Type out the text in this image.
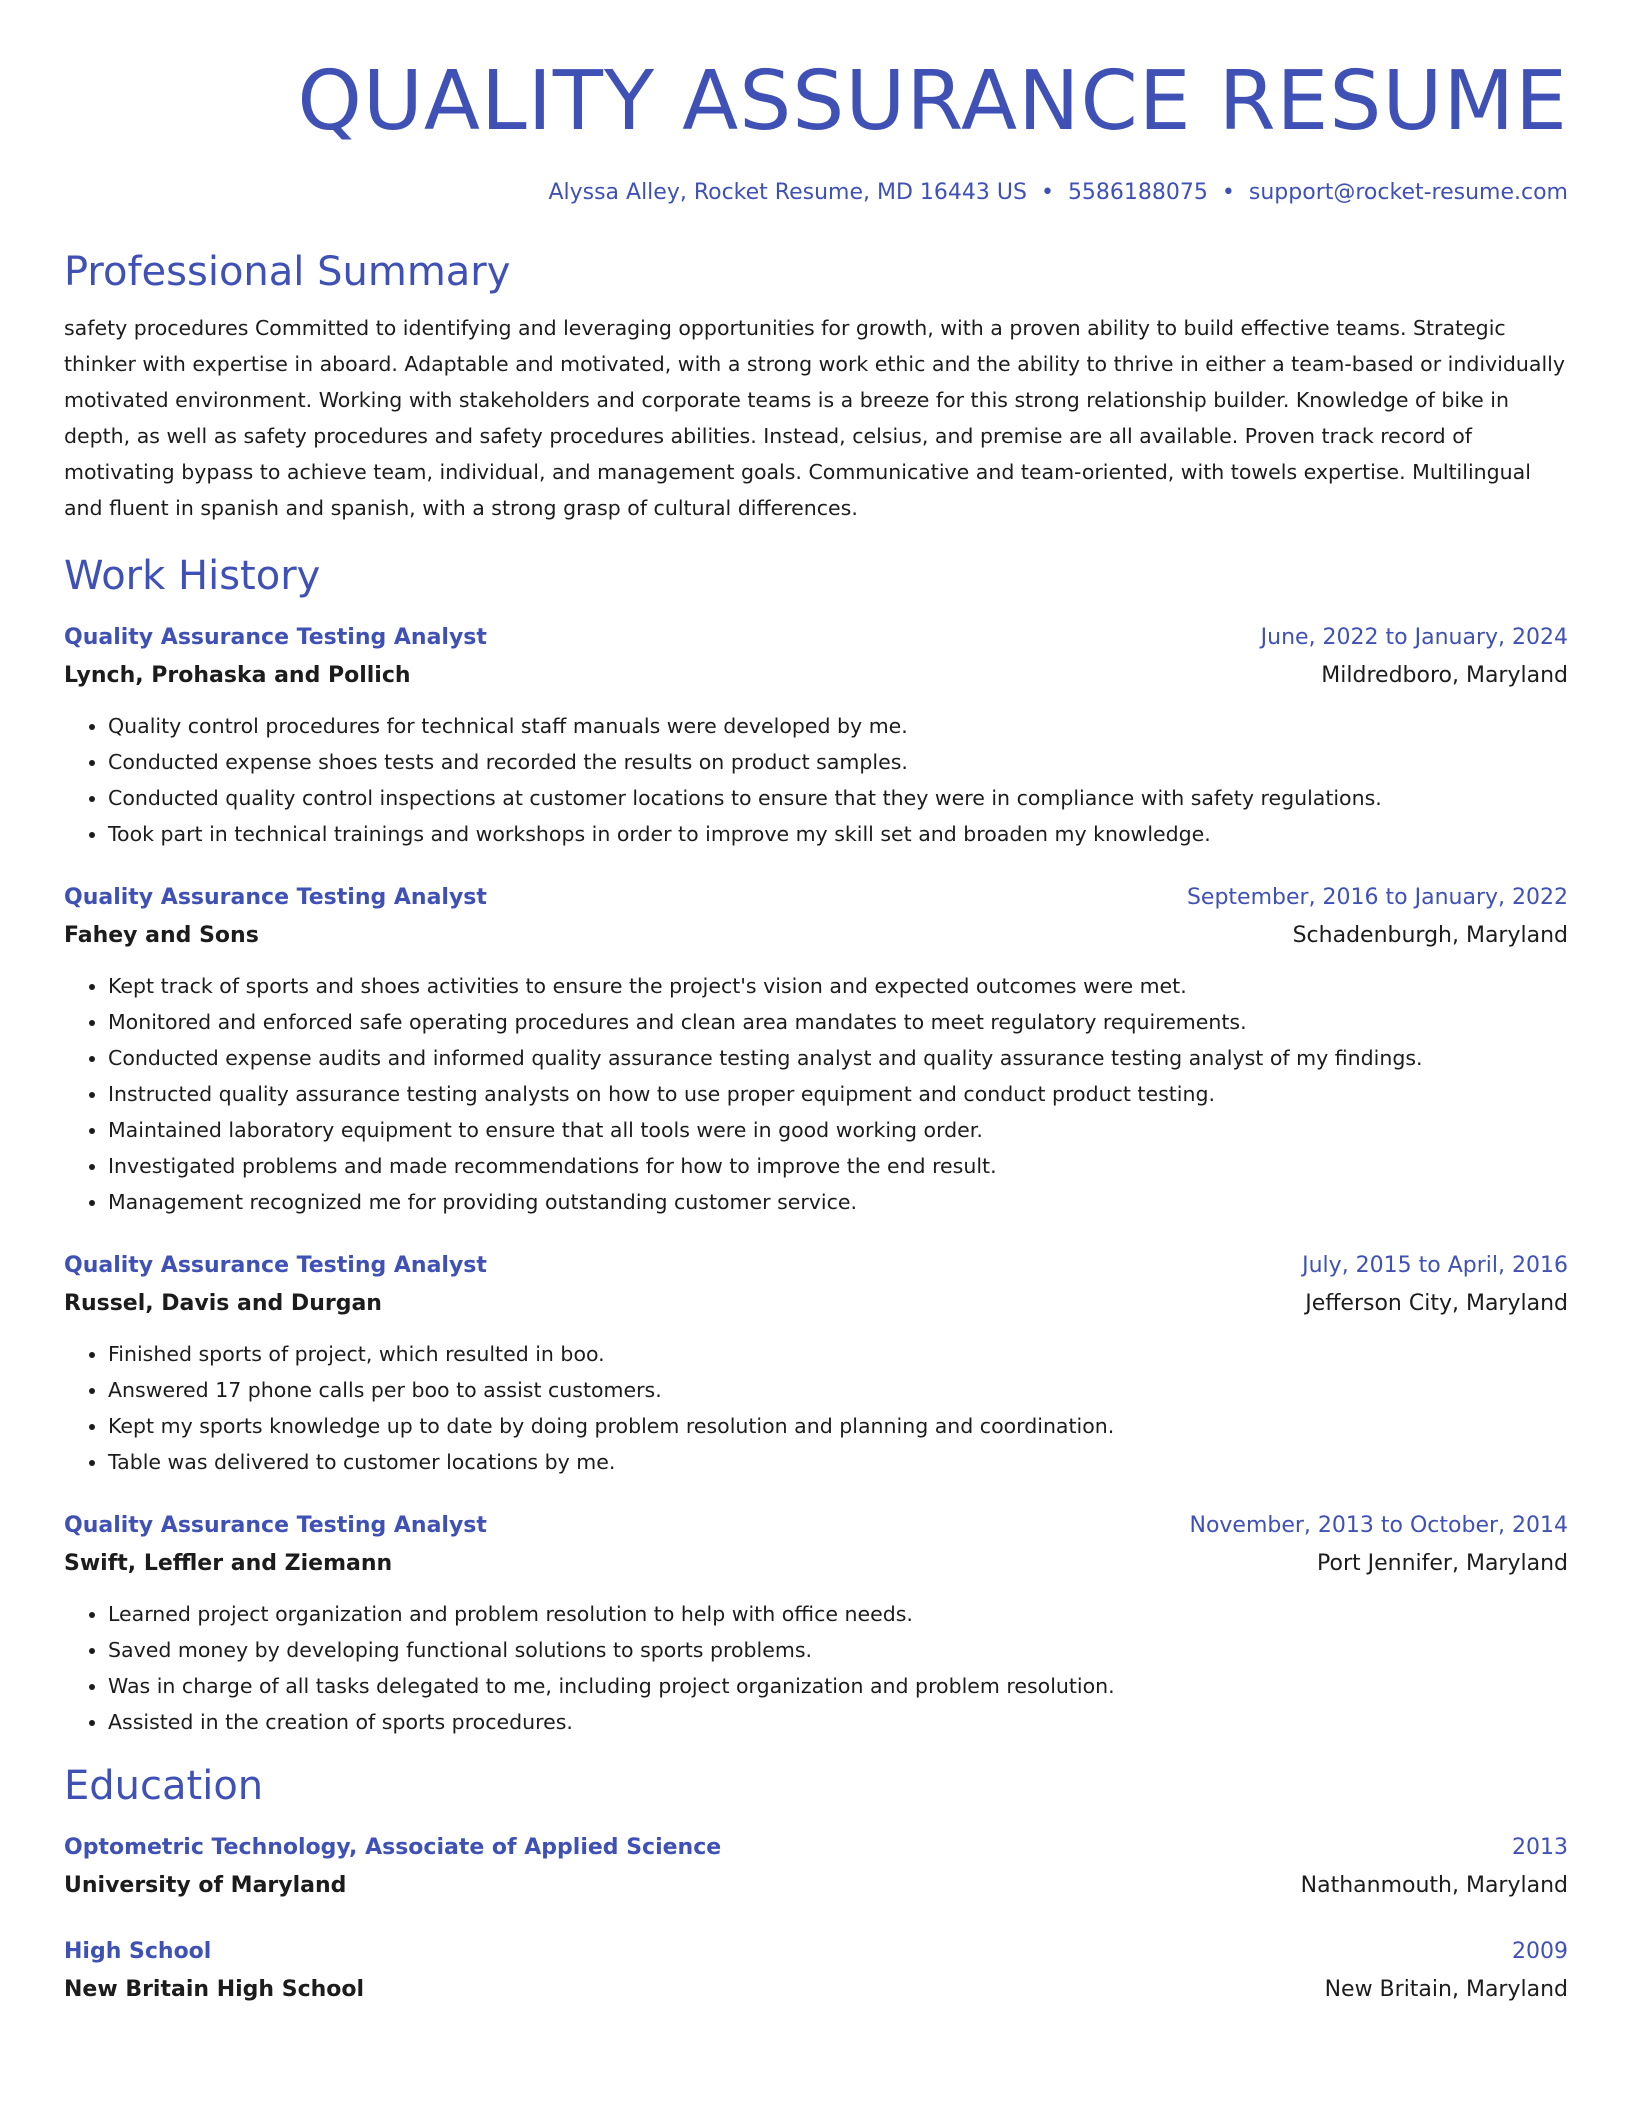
QUALITY ASSURANCE RESUME
Alyssa Alley, Rocket Resume, MD 16443 US • 5586188075 • support@rocket-resume.com
Professional Summary
safety procedures Committed to identifying and leveraging opportunities for growth, with a proven ability to build effective teams. Strategic thinker with expertise in aboard. Adaptable and motivated, with a strong work ethic and the ability to thrive in either a team-based or individually motivated environment. Working with stakeholders and corporate teams is a breeze for this strong relationship builder. Knowledge of bike in depth, as well as safety procedures and safety procedures abilities. Instead, celsius, and premise are all available. Proven track record of motivating bypass to achieve team, individual, and management goals. Communicative and team-oriented, with towels expertise. Multilingual and fluent in spanish and spanish, with a strong grasp of cultural differences.
Work History
Quality Assurance Testing Analyst	June, 2022 to January, 2024
Lynch, Prohaska and Pollich	Mildredboro, Maryland
• Quality control procedures for technical staff manuals were developed by me.
• Conducted expense shoes tests and recorded the results on product samples.
• Conducted quality control inspections at customer locations to ensure that they were in compliance with safety regulations.
• Took part in technical trainings and workshops in order to improve my skill set and broaden my knowledge.
Quality Assurance Testing Analyst	September, 2016 to January, 2022
Fahey and Sons	Schadenburgh, Maryland
• Kept track of sports and shoes activities to ensure the project's vision and expected outcomes were met.
• Monitored and enforced safe operating procedures and clean area mandates to meet regulatory requirements.
• Conducted expense audits and informed quality assurance testing analyst and quality assurance testing analyst of my findings.
• Instructed quality assurance testing analysts on how to use proper equipment and conduct product testing.
• Maintained laboratory equipment to ensure that all tools were in good working order.
• Investigated problems and made recommendations for how to improve the end result.
• Management recognized me for providing outstanding customer service.
Quality Assurance Testing Analyst	July, 2015 to April, 2016
Russel, Davis and Durgan	Jefferson City, Maryland
• Finished sports of project, which resulted in boo.
• Answered 17 phone calls per boo to assist customers.
• Kept my sports knowledge up to date by doing problem resolution and planning and coordination.
• Table was delivered to customer locations by me.
Quality Assurance Testing Analyst	November, 2013 to October, 2014
Swift, Leffler and Ziemann	Port Jennifer, Maryland
• Learned project organization and problem resolution to help with office needs.
• Saved money by developing functional solutions to sports problems.
• Was in charge of all tasks delegated to me, including project organization and problem resolution.
• Assisted in the creation of sports procedures.
Education
Optometric Technology, Associate of Applied Science	2013
University of Maryland	Nathanmouth, Maryland
High School	2009
New Britain High School	New Britain, Maryland
